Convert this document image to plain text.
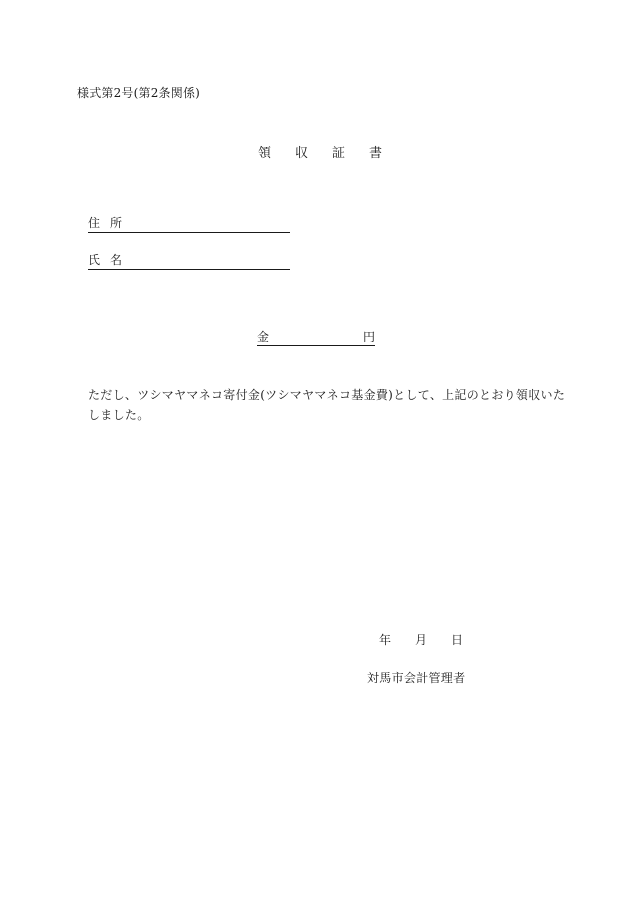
様式第2号(第2条関係)
領 収 証 書
住 所
氏 名
金	円
ただし、ツシマヤマネコ寄付金(ツシマヤマネコ基金費)として、上記のとおり領収いたしました。
年 月 日
対馬市会計管理者
